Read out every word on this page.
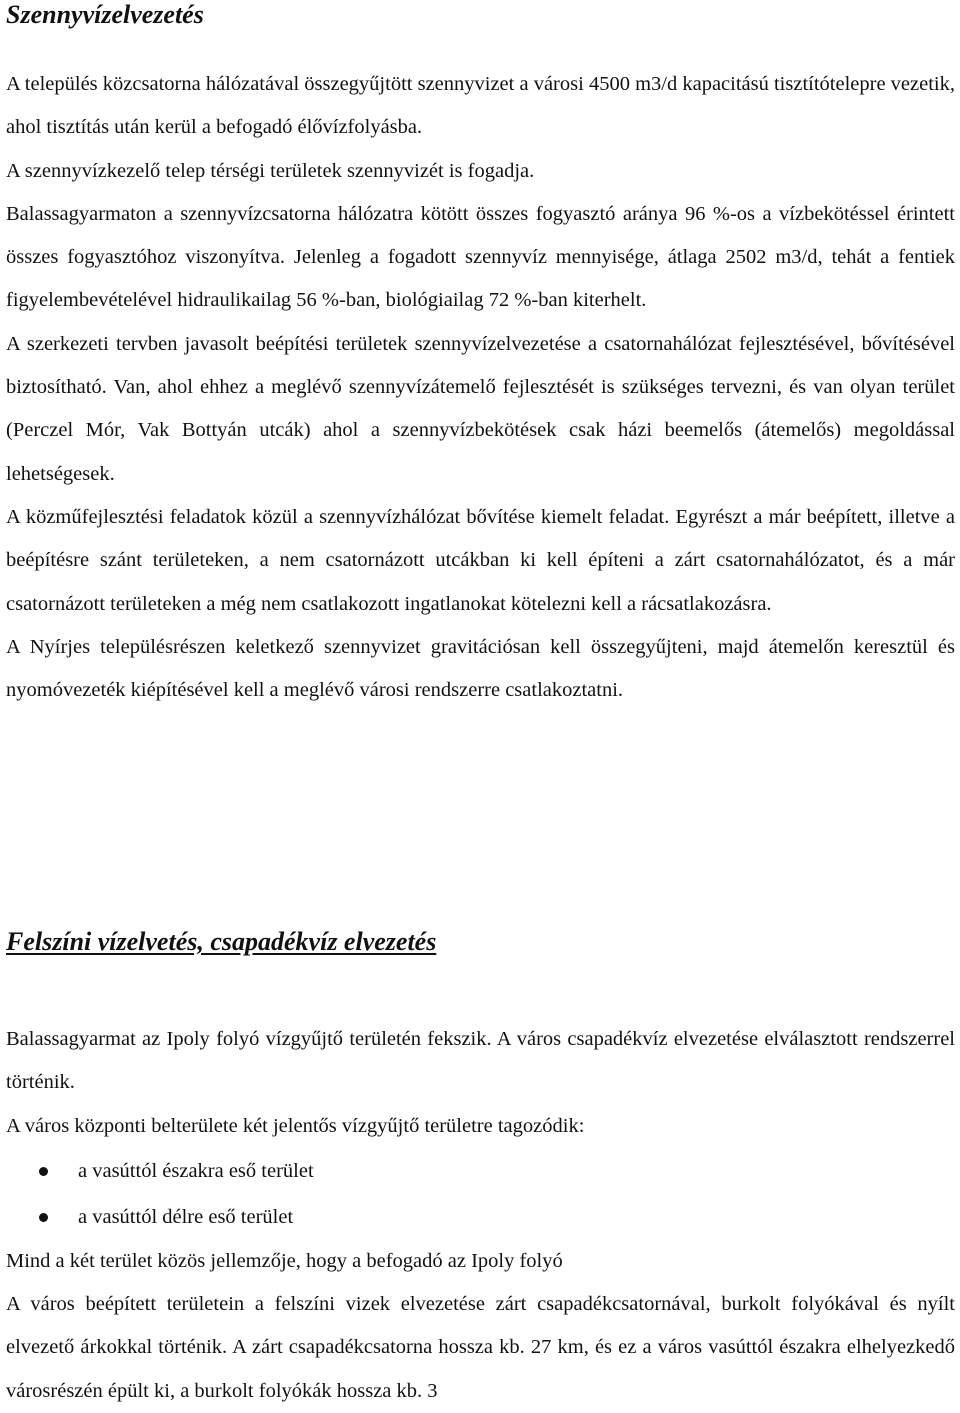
Szennyvízelvezetés

A település közcsatorna hálózatával összegyűjtött szennyvizet a városi 4500 m3/d kapacitású tisztítótelepre vezetik, ahol tisztítás után kerül a befogadó élővízfolyásba.

A szennyvízkezelő telep térségi területek szennyvizét is fogadja.

Balassagyarmaton a szennyvízcsatorna hálózatra kötött összes fogyasztó aránya 96 %-os a vízbekötéssel érintett összes fogyasztóhoz viszonyítva. Jelenleg a fogadott szennyvíz mennyisége, átlaga 2502 m3/d, tehát a fentiek figyelembevételével hidraulikailag 56 %-ban, biológiailag 72 %-ban kiterhelt.

A szerkezeti tervben javasolt beépítési területek szennyvízelvezetése a csatornahálózat fejlesztésével, bővítésével biztosítható. Van, ahol ehhez a meglévő szennyvízátemelő fejlesztését is szükséges tervezni, és van olyan terület (Perczel Mór, Vak Bottyán utcák) ahol a szennyvízbekötések csak házi beemelős (átemelős) megoldással lehetségesek.

A közműfejlesztési feladatok közül a szennyvízhálózat bővítése kiemelt feladat. Egyrészt a már beépített, illetve a beépítésre szánt területeken, a nem csatornázott utcákban ki kell építeni a zárt csatornahálózatot, és a már csatornázott területeken a még nem csatlakozott ingatlanokat kötelezni kell a rácsatlakozásra.

A Nyírjes településrészen keletkező szennyvizet gravitációsan kell összegyűjteni, majd átemelőn keresztül és nyomóvezeték kiépítésével kell a meglévő városi rendszerre csatlakoztatni.

Felszíni vízelvetés, csapadékvíz elvezetés

Balassagyarmat az Ipoly folyó vízgyűjtő területén fekszik. A város csapadékvíz elvezetése elválasztott rendszerrel történik.

A város központi belterülete két jelentős vízgyűjtő területre tagozódik:

a vasúttól északra eső terület
a vasúttól délre eső terület

Mind a két terület közös jellemzője, hogy a befogadó az Ipoly folyó

A város beépített területein a felszíni vizek elvezetése zárt csapadékcsatornával, burkolt folyókával és nyílt elvezető árkokkal történik. A zárt csapadékcsatorna hossza kb. 27 km, és ez a város vasúttól északra elhelyezkedő városrészén épült ki, a burkolt folyókák hossza kb. 3
